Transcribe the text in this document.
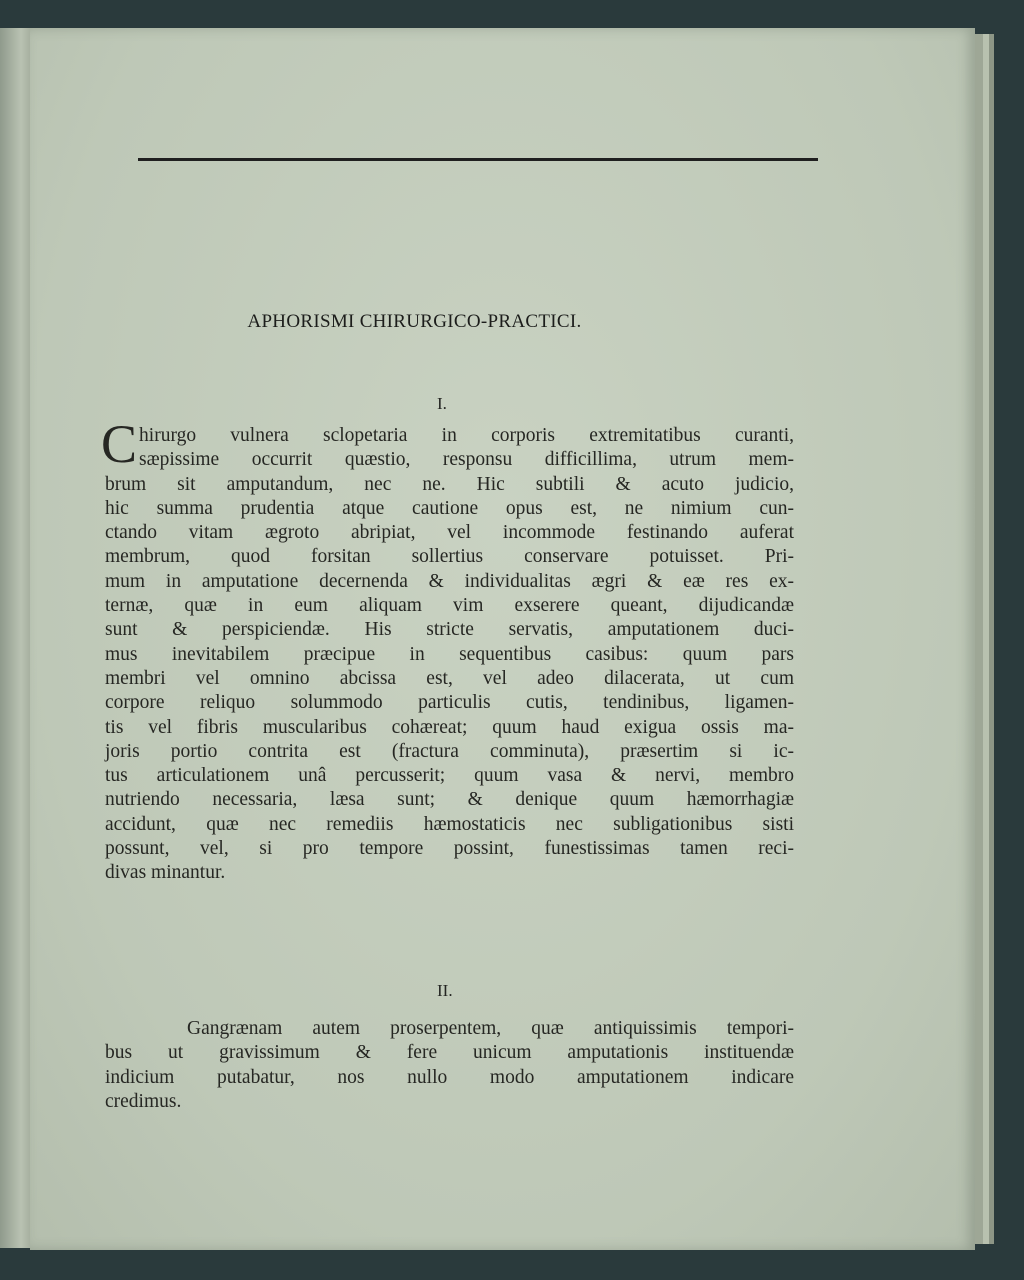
APHORISMI CHIRURGICO-PRACTICI.
I.
C hirurgo vulnera sclopetaria in corporis extremitatibus curanti,
sæpissime occurrit quæstio, responsu difficillima, utrum mem-
brum sit amputandum, nec ne. Hic subtili & acuto judicio,
hic summa prudentia atque cautione opus est, ne nimium cun-
ctando vitam ægroto abripiat, vel incommode festinando auferat
membrum, quod forsitan sollertius conservare potuisset. Pri-
mum in amputatione decernenda & individualitas ægri & eæ res ex-
ternæ, quæ in eum aliquam vim exserere queant, dijudicandæ
sunt & perspiciendæ. His stricte servatis, amputationem duci-
mus inevitabilem præcipue in sequentibus casibus: quum pars
membri vel omnino abcissa est, vel adeo dilacerata, ut cum
corpore reliquo solummodo particulis cutis, tendinibus, ligamen-
tis vel fibris muscularibus cohæreat; quum haud exigua ossis ma-
joris portio contrita est (fractura comminuta), præsertim si ic-
tus articulationem unâ percusserit; quum vasa & nervi, membro
nutriendo necessaria, læsa sunt; & denique quum hæmorrhagiæ
accidunt, quæ nec remediis hæmostaticis nec subligationibus sisti
possunt, vel, si pro tempore possint, funestissimas tamen reci-
divas minantur.
II.
Gangrænam autem proserpentem, quæ antiquissimis tempori-
bus ut gravissimum & fere unicum amputationis instituendæ
indicium putabatur, nos nullo modo amputationem indicare
credimus.
